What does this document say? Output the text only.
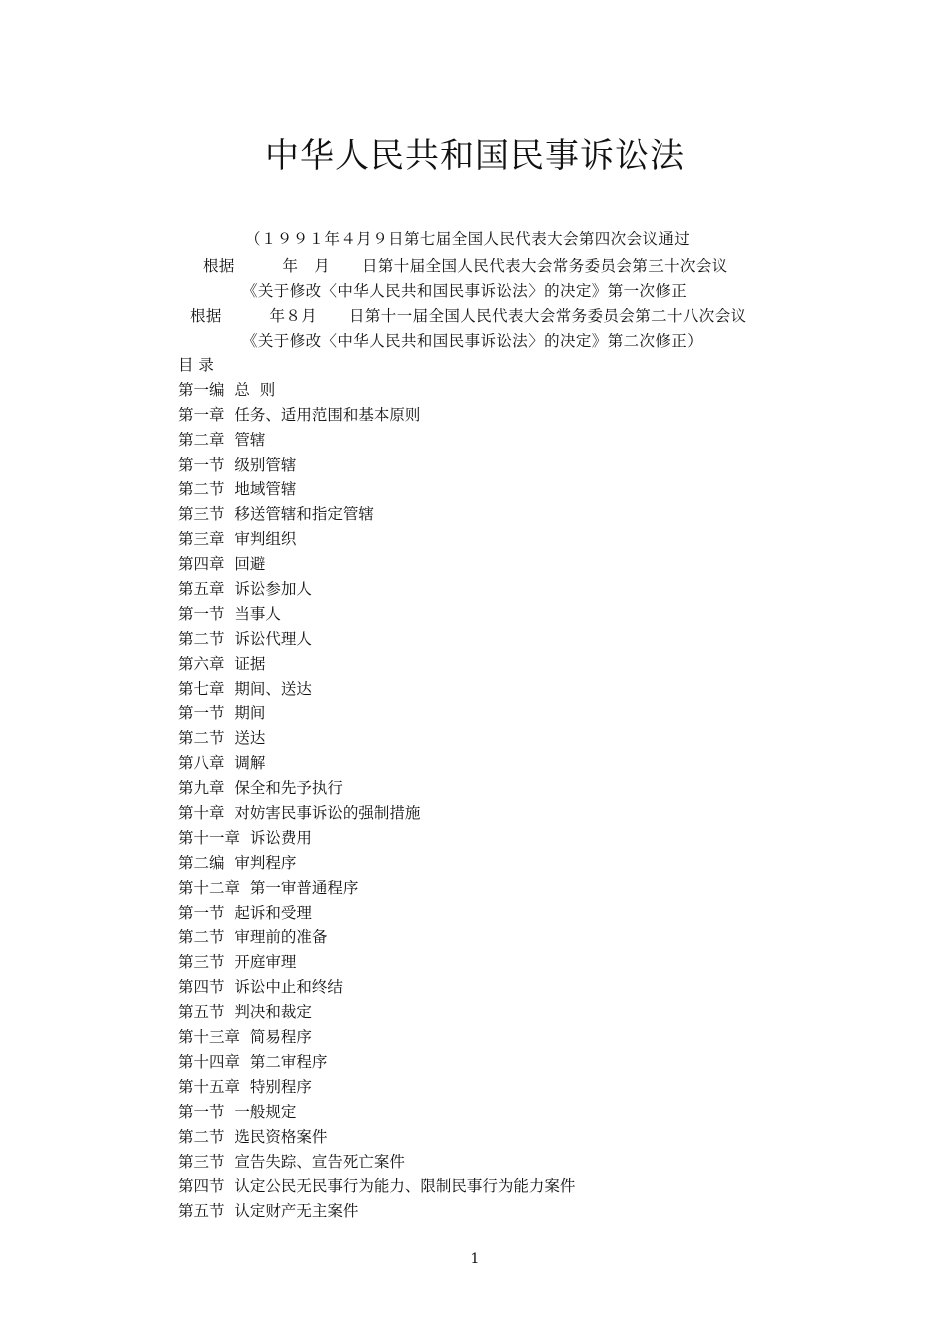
中华人民共和国民事诉讼法
（１９９１年４月９日第七届全国人民代表大会第四次会议通过
根据　　　年　月　　日第十届全国人民代表大会常务委员会第三十次会议
《关于修改〈中华人民共和国民事诉讼法〉的决定》第一次修正
根据　　　年８月　　日第十一届全国人民代表大会常务委员会第二十八次会议
《关于修改〈中华人民共和国民事诉讼法〉的决定》第二次修正）
目 录
第一编  总  则
第一章  任务、适用范围和基本原则
第二章  管辖
第一节  级别管辖
第二节  地域管辖
第三节  移送管辖和指定管辖
第三章  审判组织
第四章  回避
第五章  诉讼参加人
第一节  当事人
第二节  诉讼代理人
第六章  证据
第七章  期间、送达
第一节  期间
第二节  送达
第八章  调解
第九章  保全和先予执行
第十章  对妨害民事诉讼的强制措施
第十一章  诉讼费用
第二编  审判程序
第十二章  第一审普通程序
第一节  起诉和受理
第二节  审理前的准备
第三节  开庭审理
第四节  诉讼中止和终结
第五节  判决和裁定
第十三章  简易程序
第十四章  第二审程序
第十五章  特别程序
第一节  一般规定
第二节  选民资格案件
第三节  宣告失踪、宣告死亡案件
第四节  认定公民无民事行为能力、限制民事行为能力案件
第五节  认定财产无主案件
1
